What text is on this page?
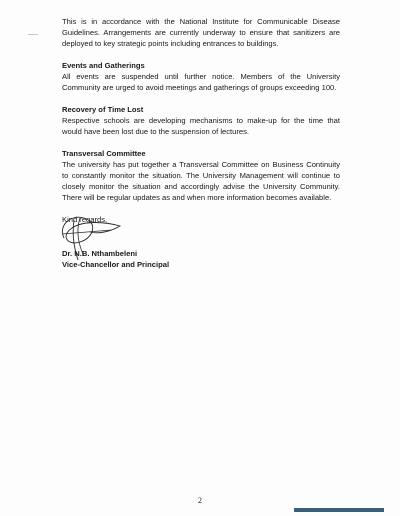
This is in accordance with the National Institute for Communicable Disease Guidelines. Arrangements are currently underway to ensure that sanitizers are deployed to key strategic points including entrances to buildings.

Events and Gatherings

All events are suspended until further notice. Members of the University Community are urged to avoid meetings and gatherings of groups exceeding 100.

Recovery of Time Lost

Respective schools are developing mechanisms to make-up for the time that would have been lost due to the suspension of lectures.

Transversal Committee

The university has put together a Transversal Committee on Business Continuity to constantly monitor the situation. The University Management will continue to closely monitor the situation and accordingly advise the University Community. There will be regular updates as and when more information becomes available.

Kind regards,
Dr. N.B. Nthambeleni
Vice-Chancellor and Principal
2
